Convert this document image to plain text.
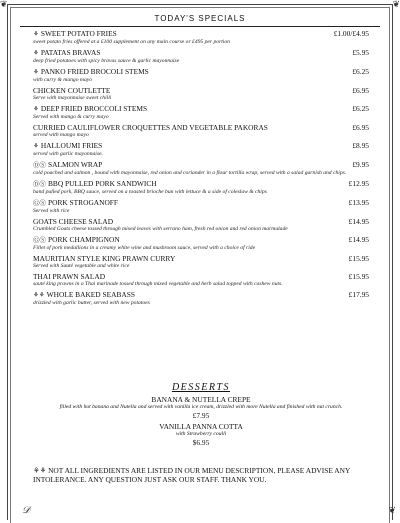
❦	❦
TODAY'S SPECIALS
⚘ SWEET POTATO FRIES	£1.00/£4.95
sweet potato fries offered at a £100 supplement on any main course or £495 per portion
⚘ PATATAS BRAVAS	£5.95
deep fried potatoes with spicy bravas sauce & garlic mayonnaise
⚘ PANKO FRIED BROCOLI STEMS	£6.25
with curry & mango mayo
CHICKEN COUTLETTE	£6.95
Serve with mayonnaise sweet chilli
⚘ DEEP FRIED BROCCOLI STEMS	£6.25
Served with mango & curry mayo
CURRIED CAULIFLOWER CROQUETTES AND VEGETABLE PAKORAS	£6.95
served with mango mayo
⚘ HALLOUMI FRIES	£8.95
served with garlic mayonnaise.
ⒹⓈ SALMON WRAP	£9.95
cold poached and salmon , bound with mayonnaise, red onion and coriander in a flour tortilla wrap, served with a salad garnish and chips.
ⒹⓈ BBQ PULLED PORK SANDWICH	£12.95
hand pulled pork, BBQ sauce, served on a toasted brioche bun with lettuce & a side of coleslaw & chips
ⒼⓈ PORK STROGANOFF	£13.95
Served with rice
GOATS CHEESE SALAD	£14.95
Crumbled Goats cheese tossed through mixed leaves with serrano ham, fresh red onion and red onion marmalade
ⒼⓈ PORK CHAMPIGNON	£14.95
Fillet of pork medallions in a creamy white wine and mushroom sauce, served with a choice of ride
MAURITIAN STYLE KING PRAWN CURRY	£15.95
Served with Sauté vegetable and white rice
THAI PRAWN SALAD	£15.95
sauté king prawns in a Thai marinade tossed through mixed vegetable and herb salad topped with cashew nuts.
⚘⚘ WHOLE BAKED SEABASS	£17.95
drizzled with garlic butter, served with new potatoes
DESSERTS
BANANA & NUTELLA CREPE
filled with hot banana and Nutella and served with vanilla ice cream, drizzled with more Nutella and finished with nut crunch.
£7.95
VANILLA PANNA COTTA
with Strawberry coulli
$6.95
⚘⚘ NOT ALL INGREDIENTS ARE LISTED IN OUR MENU DESCRIPTION, PLEASE ADVISE ANY INTOLERANCE. ANY QUESTION JUST ASK OUR STAFF. THANK YOU.
𝒟	❦
